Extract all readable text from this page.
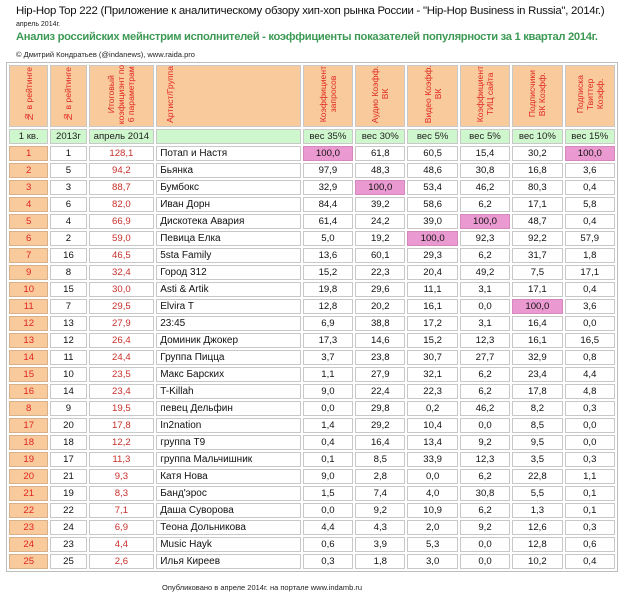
Hip-Hop Top 222 (Приложение к аналитическому обзору хип-хоп рынка России - "Hip-Hop Business in Russia", 2014г.)
апрель 2014г.
Анализ российских мейнстрим исполнителей - коэффициенты показателей популярности за 1 квартал 2014г.
© Дмитрий Кондратьев (@indanews), www.raida.pro
№ в рейтинге	№ в рейтинге	Итоговый коэфициэнт по 6 параметрам	Артист/Группа	Коэффициент запросов	Аудио Коэфф. ВК	Видео Коэфф. ВК	Коэффициент ТИЦ сайта	Подписчики ВК Коэфф.	Подписка Твиттер Коэфф.
1 кв.	2013г	апрель 2014		вес 35%	вес 30%	вес 5%	вес 5%	вес 10%	вес 15%
1	1	128,1	Потап и Настя	100,0	61,8	60,5	15,4	30,2	100,0
2	5	94,2	Бьянка	97,9	48,3	48,6	30,8	16,8	3,6
3	3	88,7	Бумбокс	32,9	100,0	53,4	46,2	80,3	0,4
4	6	82,0	Иван Дорн	84,4	39,2	58,6	6,2	17,1	5,8
5	4	66,9	Дискотека Авария	61,4	24,2	39,0	100,0	48,7	0,4
6	2	59,0	Певица Елка	5,0	19,2	100,0	92,3	92,2	57,9
7	16	46,5	5sta Family	13,6	60,1	29,3	6,2	31,7	1,8
9	8	32,4	Город 312	15,2	22,3	20,4	49,2	7,5	17,1
10	15	30,0	Asti & Artik	19,8	29,6	11,1	3,1	17,1	0,4
11	7	29,5	Elvira T	12,8	20,2	16,1	0,0	100,0	3,6
12	13	27,9	23:45	6,9	38,8	17,2	3,1	16,4	0,0
13	12	26,4	Доминик Джокер	17,3	14,6	15,2	12,3	16,1	16,5
14	11	24,4	Группа Пицца	3,7	23,8	30,7	27,7	32,9	0,8
15	10	23,5	Макс Барских	1,1	27,9	32,1	6,2	23,4	4,4
16	14	23,4	T-Killah	9,0	22,4	22,3	6,2	17,8	4,8
8	9	19,5	певец Дельфин	0,0	29,8	0,2	46,2	8,2	0,3
17	20	17,8	In2nation	1,4	29,2	10,4	0,0	8,5	0,0
18	18	12,2	группа Т9	0,4	16,4	13,4	9,2	9,5	0,0
19	17	11,3	группа Мальчишник	0,1	8,5	33,9	12,3	3,5	0,3
20	21	9,3	Катя Нова	9,0	2,8	0,0	6,2	22,8	1,1
21	19	8,3	Банд'эрос	1,5	7,4	4,0	30,8	5,5	0,1
22	22	7,1	Даша Суворова	0,0	9,2	10,9	6,2	1,3	0,1
23	24	6,9	Теона Дольникова	4,4	4,3	2,0	9,2	12,6	0,3
24	23	4,4	Music Hayk	0,6	3,9	5,3	0,0	12,8	0,6
25	25	2,6	Илья Киреев	0,3	1,8	3,0	0,0	10,2	0,4
Опубликовано в апреле 2014г. на портале www.indamb.ru
